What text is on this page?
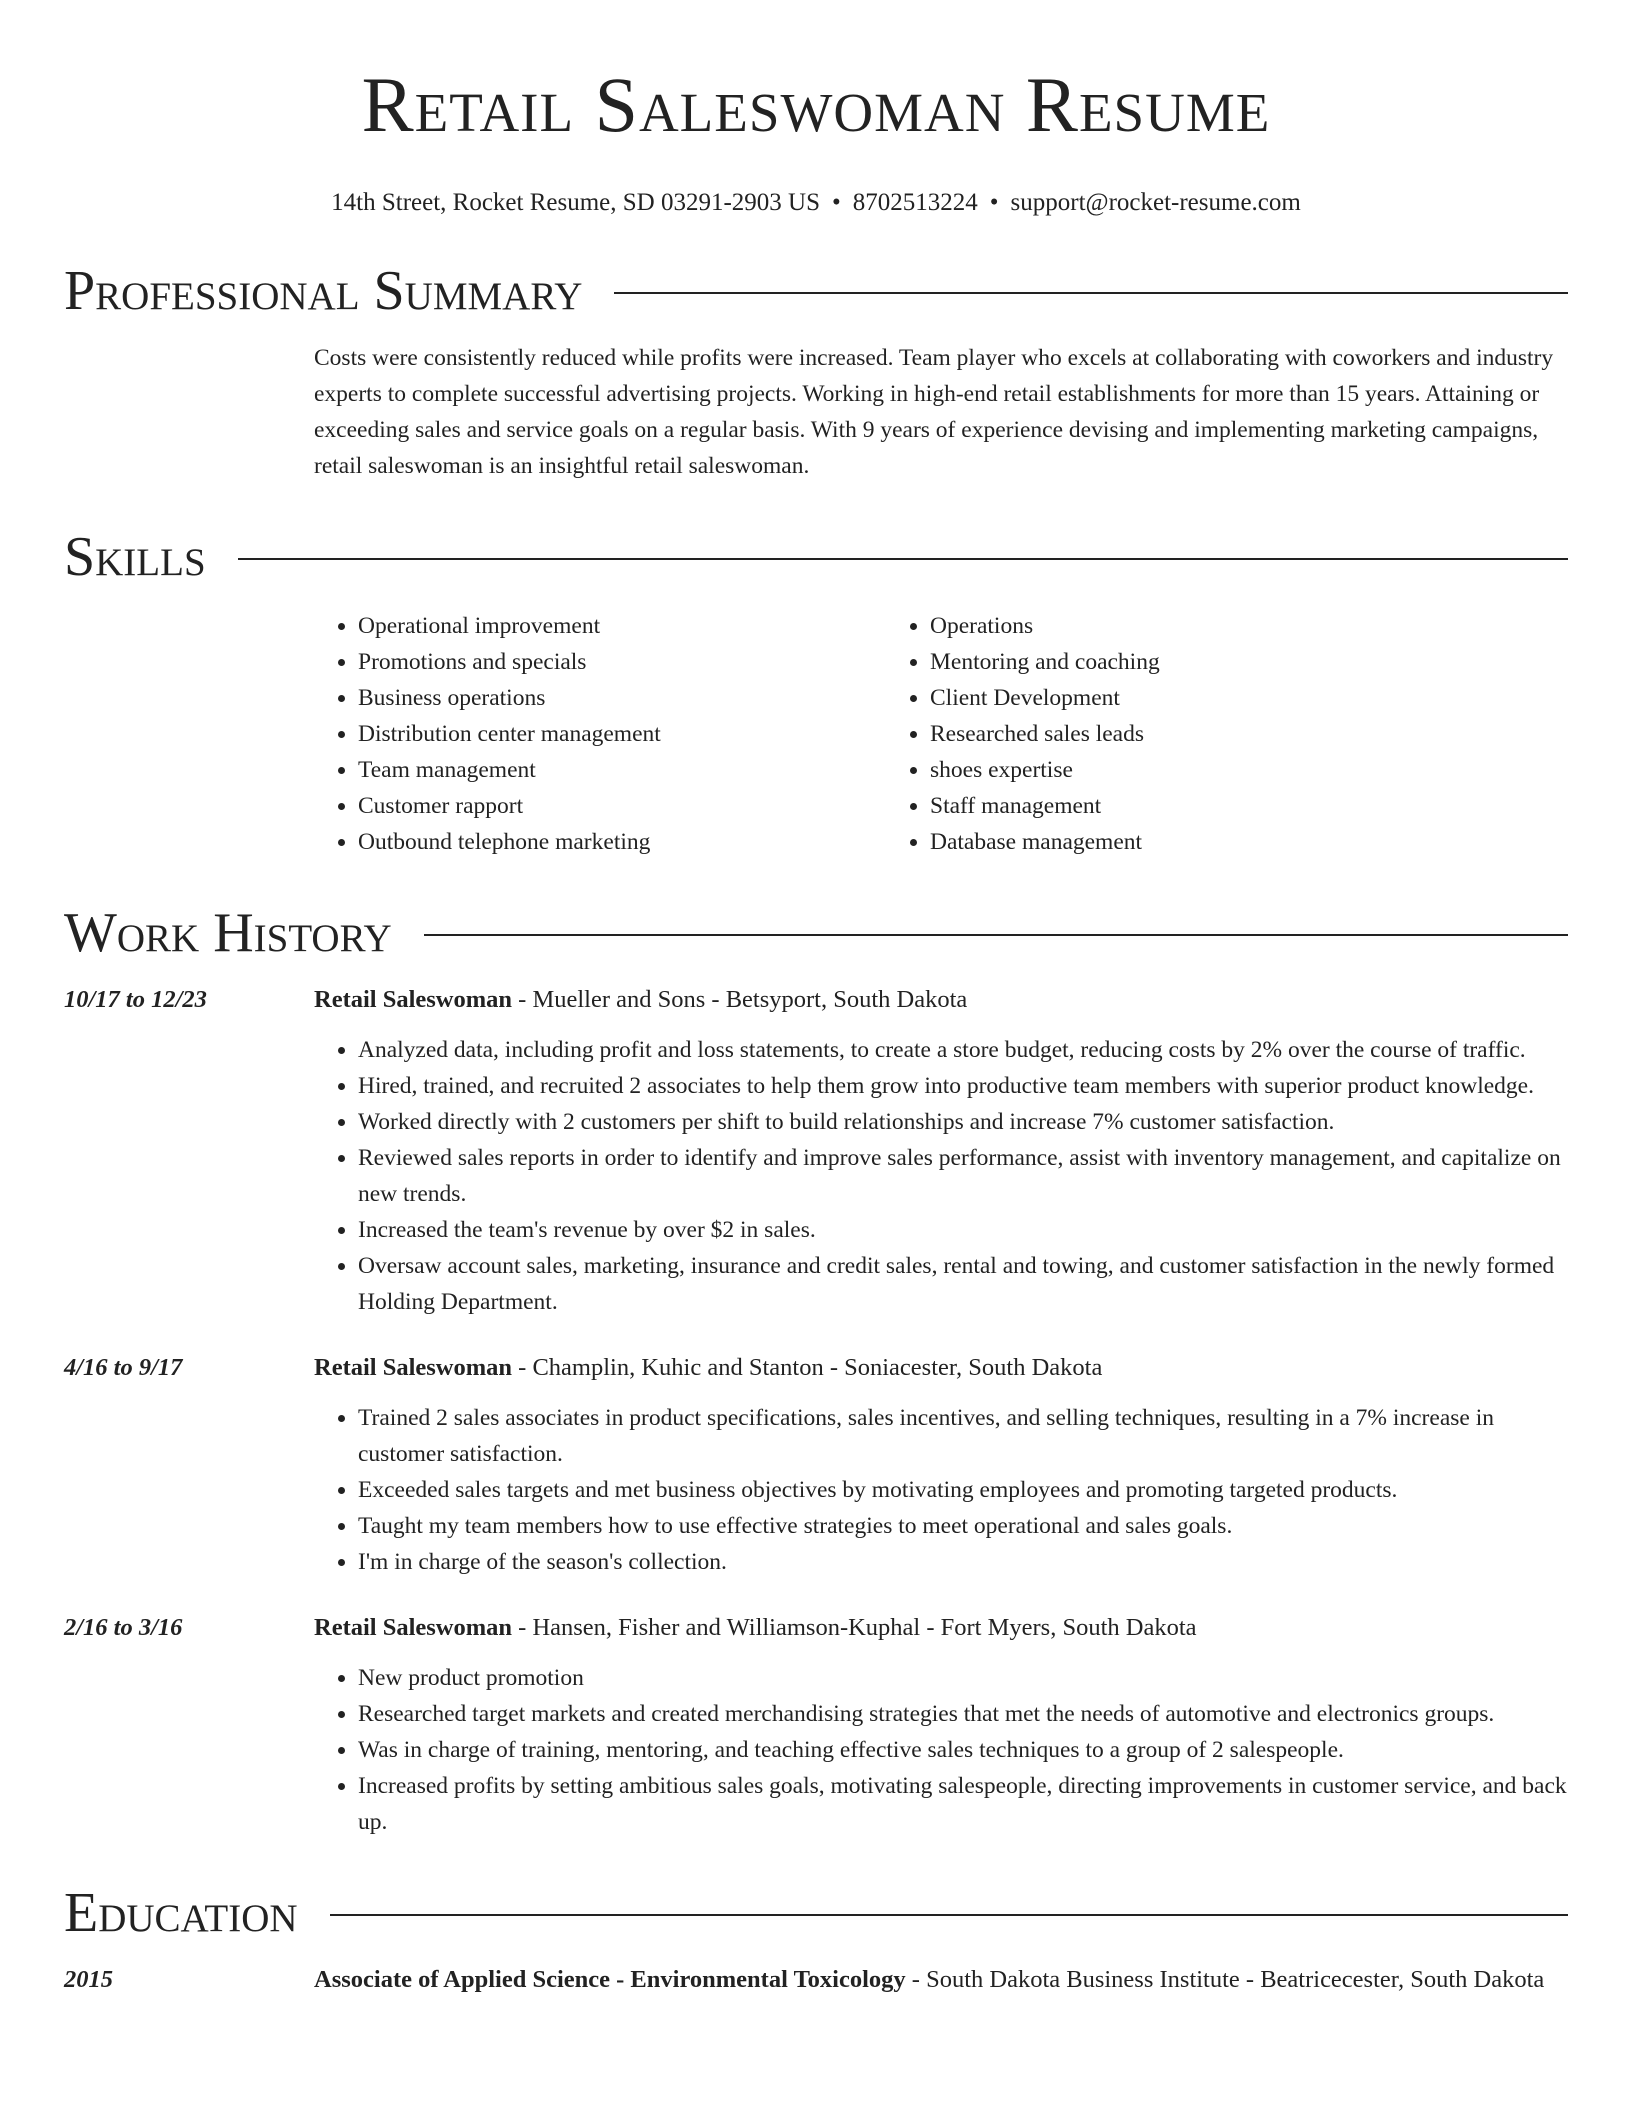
Retail Saleswoman Resume
14th Street, Rocket Resume, SD 03291-2903 US • 8702513224 • support@rocket-resume.com
Professional Summary
Costs were consistently reduced while profits were increased. Team player who excels at collaborating with coworkers and industry experts to complete successful advertising projects. Working in high-end retail establishments for more than 15 years. Attaining or exceeding sales and service goals on a regular basis. With 9 years of experience devising and implementing marketing campaigns, retail saleswoman is an insightful retail saleswoman.
Skills
• Operational improvement
• Promotions and specials
• Business operations
• Distribution center management
• Team management
• Customer rapport
• Outbound telephone marketing
• Operations
• Mentoring and coaching
• Client Development
• Researched sales leads
• shoes expertise
• Staff management
• Database management
Work History
10/17 to 12/23	Retail Saleswoman - Mueller and Sons - Betsyport, South Dakota
• Analyzed data, including profit and loss statements, to create a store budget, reducing costs by 2% over the course of traffic.
• Hired, trained, and recruited 2 associates to help them grow into productive team members with superior product knowledge.
• Worked directly with 2 customers per shift to build relationships and increase 7% customer satisfaction.
• Reviewed sales reports in order to identify and improve sales performance, assist with inventory management, and capitalize on new trends.
• Increased the team's revenue by over $2 in sales.
• Oversaw account sales, marketing, insurance and credit sales, rental and towing, and customer satisfaction in the newly formed Holding Department.
4/16 to 9/17	Retail Saleswoman - Champlin, Kuhic and Stanton - Soniacester, South Dakota
• Trained 2 sales associates in product specifications, sales incentives, and selling techniques, resulting in a 7% increase in customer satisfaction.
• Exceeded sales targets and met business objectives by motivating employees and promoting targeted products.
• Taught my team members how to use effective strategies to meet operational and sales goals.
• I'm in charge of the season's collection.
2/16 to 3/16	Retail Saleswoman - Hansen, Fisher and Williamson-Kuphal - Fort Myers, South Dakota
• New product promotion
• Researched target markets and created merchandising strategies that met the needs of automotive and electronics groups.
• Was in charge of training, mentoring, and teaching effective sales techniques to a group of 2 salespeople.
• Increased profits by setting ambitious sales goals, motivating salespeople, directing improvements in customer service, and back up.
Education
2015	Associate of Applied Science - Environmental Toxicology - South Dakota Business Institute - Beatricecester, South Dakota
